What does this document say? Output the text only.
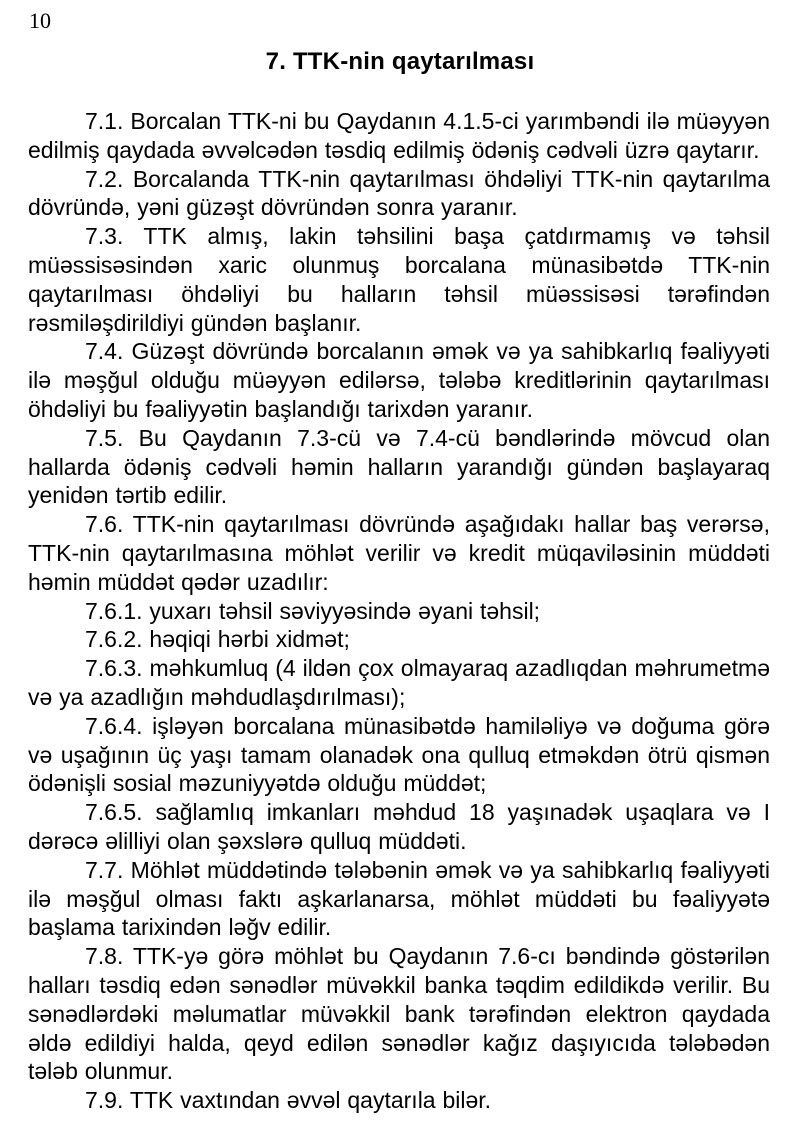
10
7. TTK-nin qaytarılması

7.1. Borcalan TTK-ni bu Qaydanın 4.1.5-ci yarımbəndi ilə müəyyən edilmiş qaydada əvvəlcədən təsdiq edilmiş ödəniş cədvəli üzrə qaytarır.

7.2. Borcalanda TTK-nin qaytarılması öhdəliyi TTK-nin qaytarılma dövründə, yəni güzəşt dövründən sonra yaranır.

7.3. TTK almış, lakin təhsilini başa çatdırmamış və təhsil müəssisəsindən xaric olunmuş borcalana münasibətdə TTK-nin qaytarılması öhdəliyi bu halların təhsil müəssisəsi tərəfindən rəsmiləşdirildiyi gündən başlanır.

7.4. Güzəşt dövründə borcalanın əmək və ya sahibkarlıq fəaliyyəti ilə məşğul olduğu müəyyən edilərsə, tələbə kreditlərinin qaytarılması öhdəliyi bu fəaliyyətin başlandığı tarixdən yaranır.

7.5. Bu Qaydanın 7.3-cü və 7.4-cü bəndlərində mövcud olan hallarda ödəniş cədvəli həmin halların yarandığı gündən başlayaraq yenidən tərtib edilir.

7.6. TTK-nin qaytarılması dövründə aşağıdakı hallar baş verərsə, TTK-nin qaytarılmasına möhlət verilir və kredit müqaviləsinin müddəti həmin müddət qədər uzadılır:

7.6.1. yuxarı təhsil səviyyəsində əyani təhsil;

7.6.2. həqiqi hərbi xidmət;

7.6.3. məhkumluq (4 ildən çox olmayaraq azadlıqdan məhrumetmə və ya azadlığın məhdudlaşdırılması);

7.6.4. işləyən borcalana münasibətdə hamiləliyə və doğuma görə və uşağının üç yaşı tamam olanadək ona qulluq etməkdən ötrü qismən ödənişli sosial məzuniyyətdə olduğu müddət;

7.6.5. sağlamlıq imkanları məhdud 18 yaşınadək uşaqlara və I dərəcə əlilliyi olan şəxslərə qulluq müddəti.

7.7. Möhlət müddətində tələbənin əmək və ya sahibkarlıq fəaliyyəti ilə məşğul olması faktı aşkarlanarsa, möhlət müddəti bu fəaliyyətə başlama tarixindən ləğv edilir.

7.8. TTK-yə görə möhlət bu Qaydanın 7.6-cı bəndində göstərilən halları təsdiq edən sənədlər müvəkkil banka təqdim edildikdə verilir. Bu sənədlərdəki məlumatlar müvəkkil bank tərəfindən elektron qaydada əldə edildiyi halda, qeyd edilən sənədlər kağız daşıyıcıda tələbədən tələb olunmur.

7.9. TTK vaxtından əvvəl qaytarıla bilər.
